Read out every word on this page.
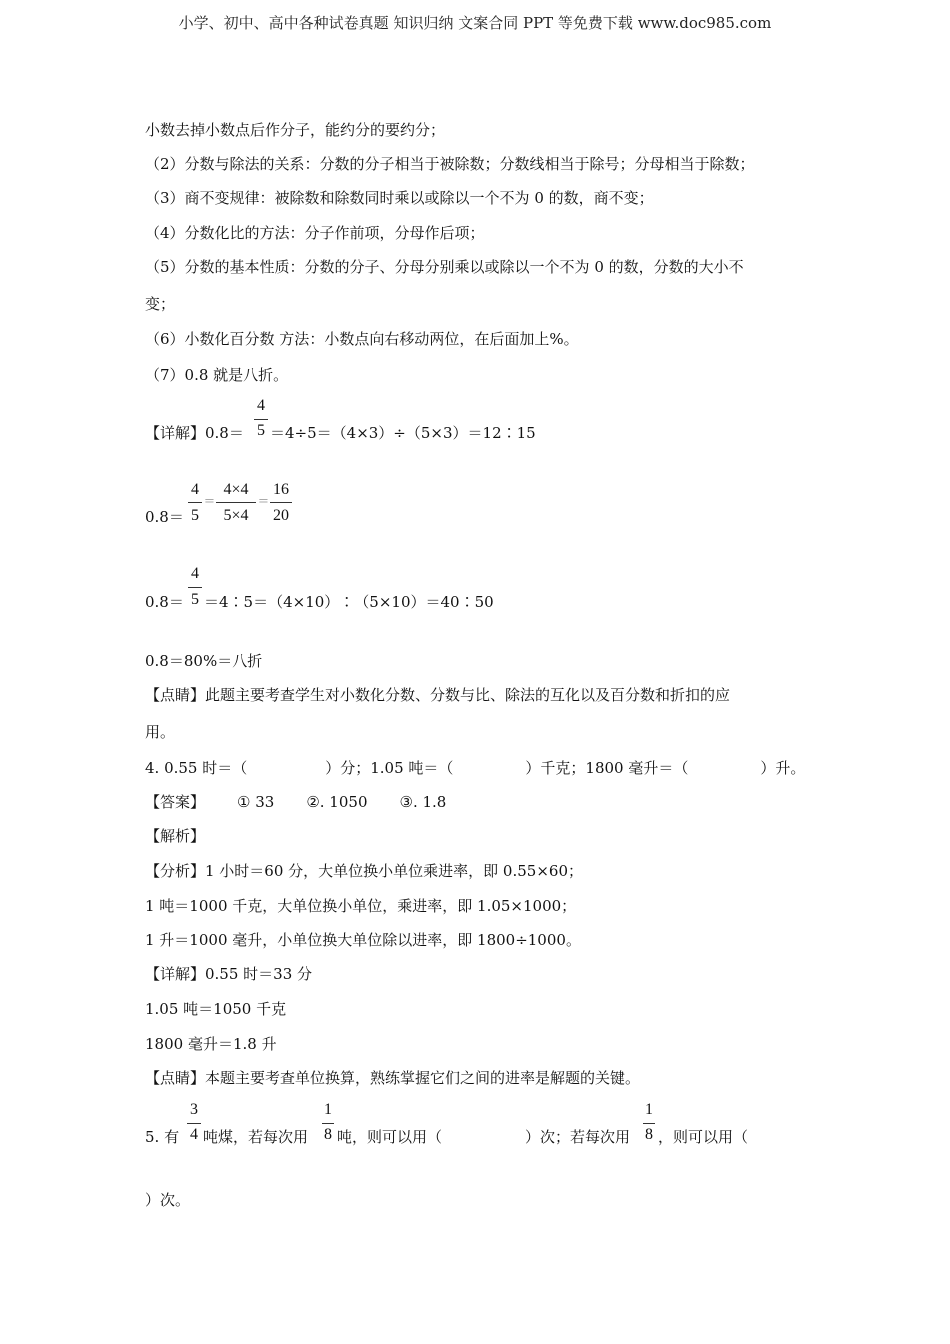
小学、初中、高中各种试卷真题 知识归纳 文案合同 PPT 等免费下载 www.doc985.com
小数去掉小数点后作分子，能约分的要约分；
（2）分数与除法的关系：分数的分子相当于被除数；分数线相当于除号；分母相当于除数；
（3）商不变规律：被除数和除数同时乘以或除以一个不为 0 的数，商不变；
（4）分数化比的方法：分子作前项，分母作后项；
（5）分数的基本性质：分数的分子、分母分别乘以或除以一个不为 0 的数，分数的大小不
变；
（6）小数化百分数 方法：小数点向右移动两位，在后面加上%。
（7）0.8 就是八折。
【详解】0.8＝
4
5 ＝4÷5＝（4×3）÷（5×3）＝12∶15
0.8＝
4
5
=
4×4
5×4
=
16
20
0.8＝
4
5 ＝4∶5＝（4×10）∶（5×10）＝40∶50
0.8＝80%＝八折
【点睛】此题主要考查学生对小数化分数、分数与比、除法的互化以及百分数和折扣的应
用。
4. 0.55 时＝（	）分；1.05 吨＝（	）千克；1800 毫升＝（	）升。
【答案】 ① 33 ②. 1050 ③. 1.8
【解析】
【分析】1 小时＝60 分，大单位换小单位乘进率，即 0.55×60；
1 吨＝1000 千克，大单位换小单位，乘进率，即 1.05×1000；
1 升＝1000 毫升，小单位换大单位除以进率，即 1800÷1000。
【详解】0.55 时＝33 分
1.05 吨＝1050 千克
1800 毫升＝1.8 升
【点睛】本题主要考查单位换算，熟练掌握它们之间的进率是解题的关键。
5. 有
3
4 吨煤，若每次用
1
8 吨，则可以用（	）次；若每次用
1
8 ，则可以用（
）次。
